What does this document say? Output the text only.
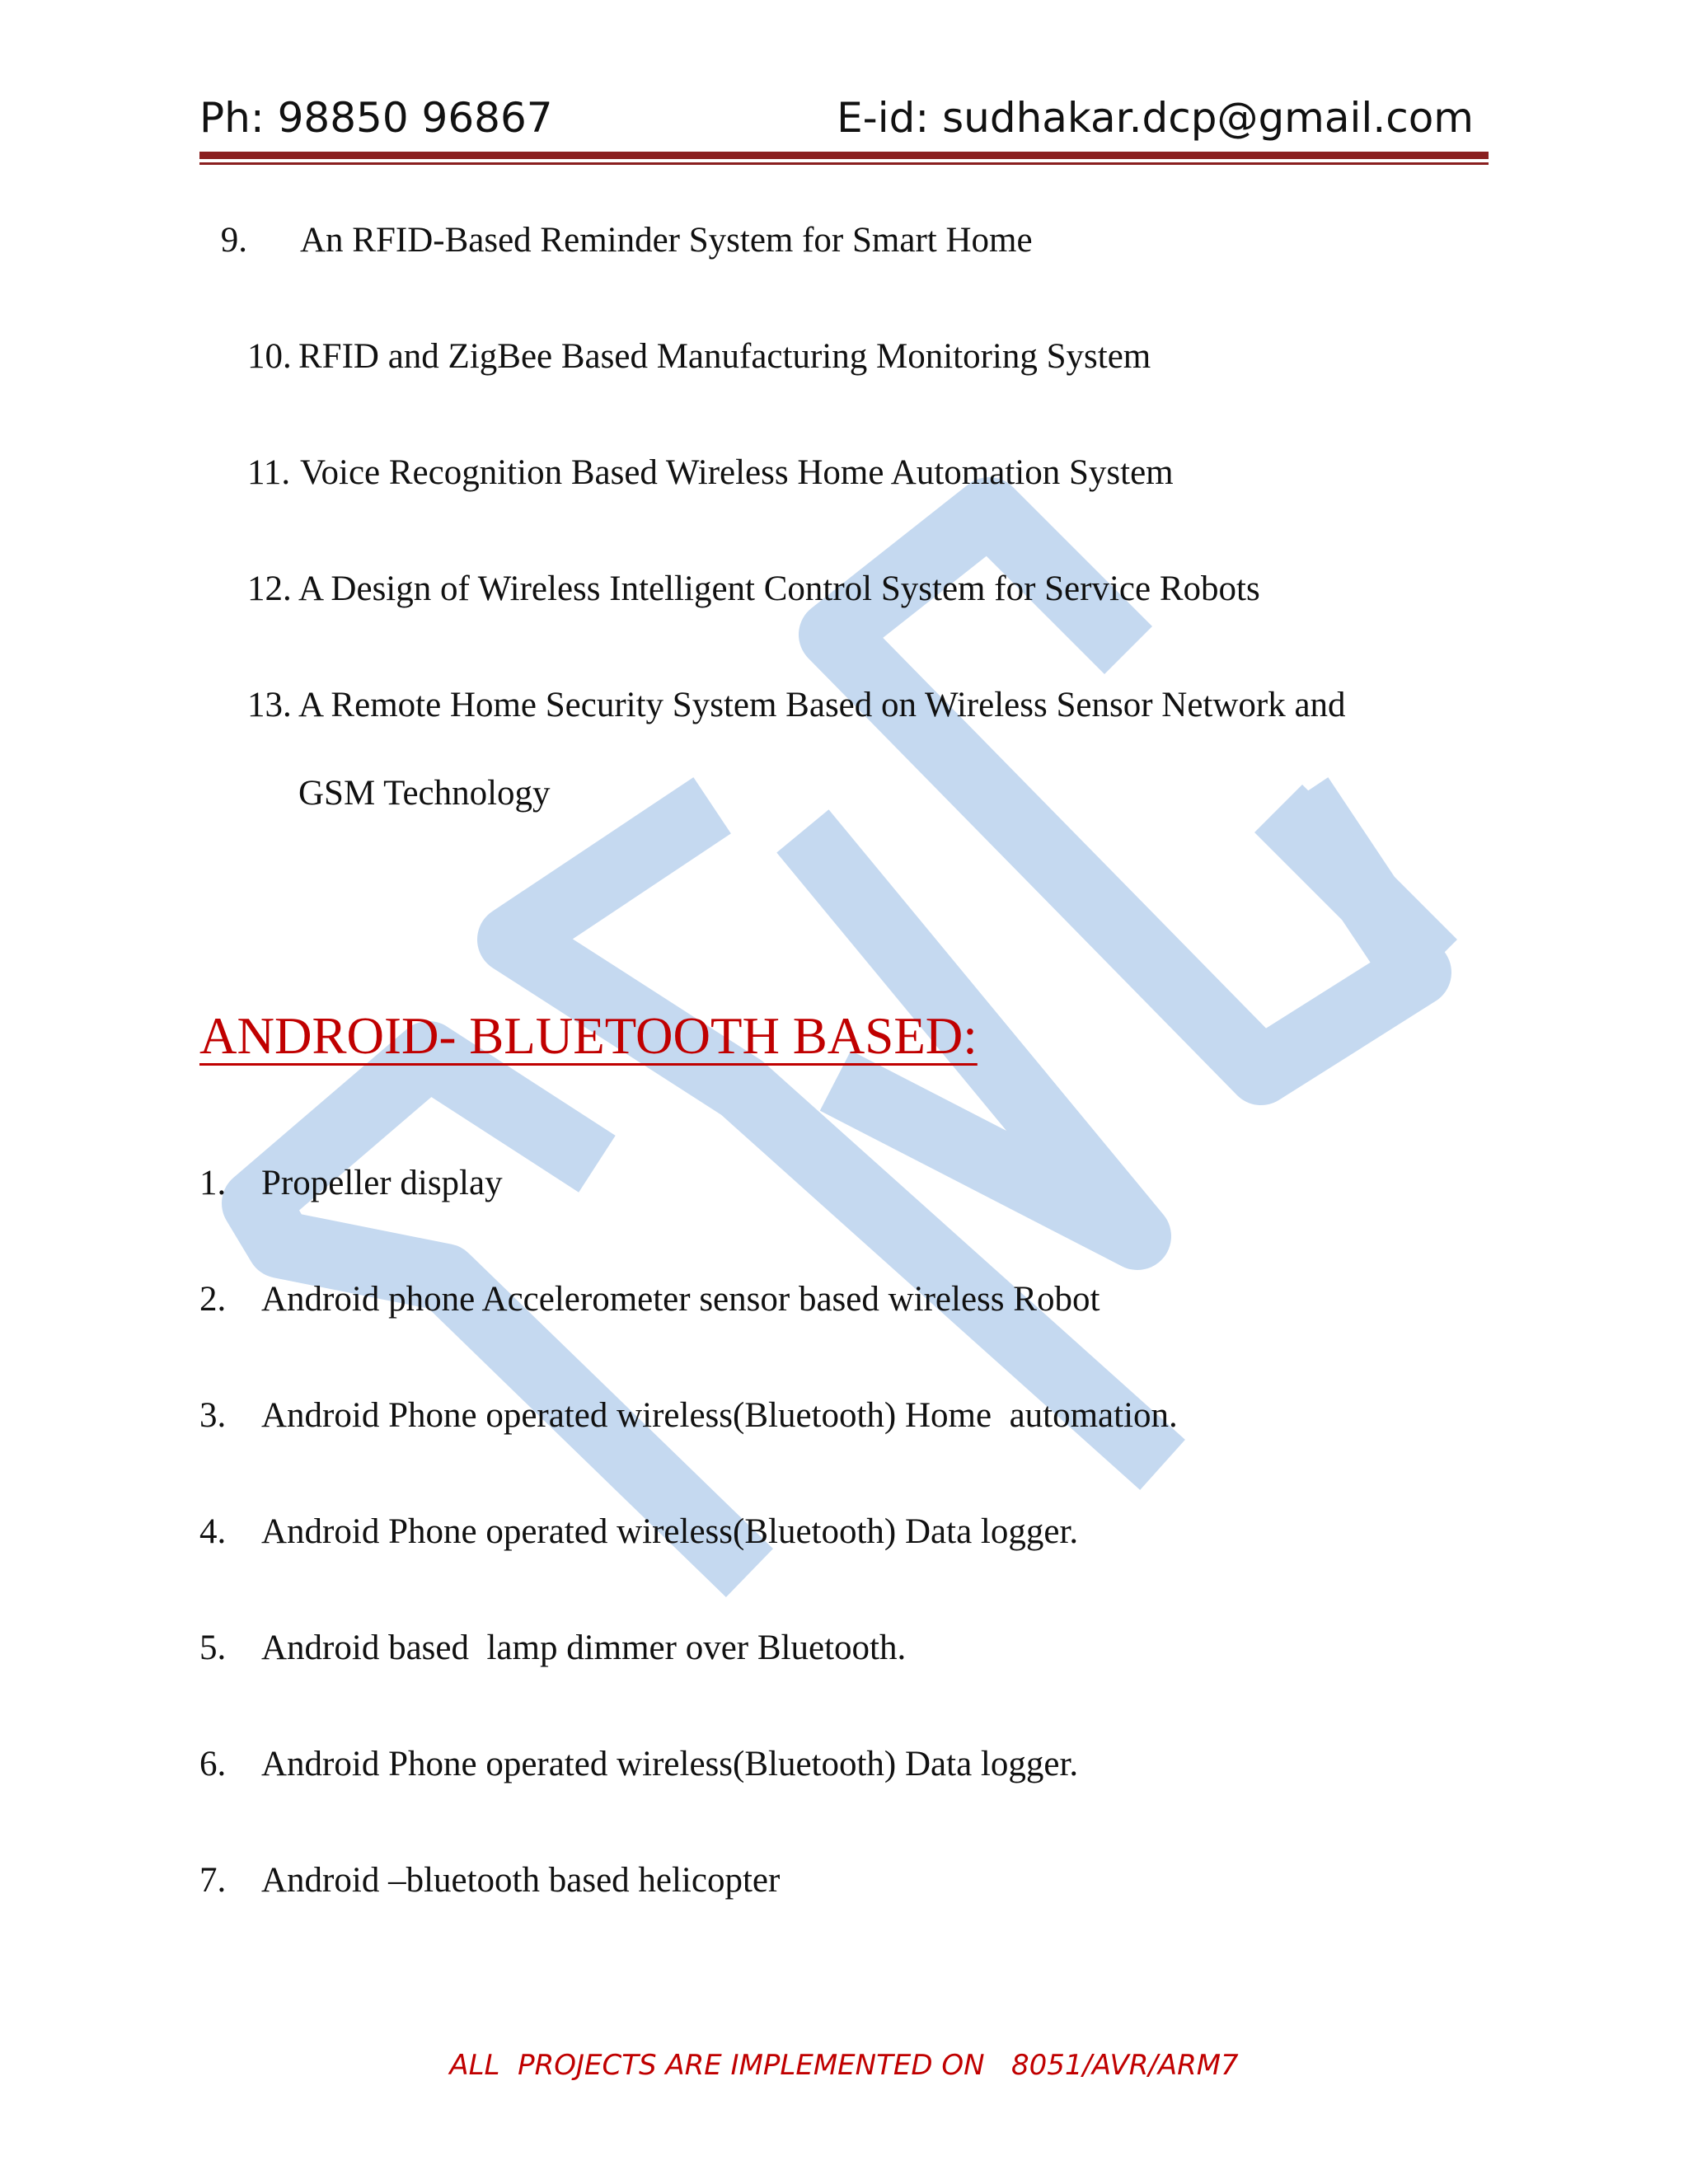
Ph: 98850 96867	E-id: sudhakar.dcp@gmail.com
9. An RFID-Based Reminder System for Smart Home
10. RFID and ZigBee Based Manufacturing Monitoring System
11. Voice Recognition Based Wireless Home Automation System
12. A Design of Wireless Intelligent Control System for Service Robots
13. A Remote Home Security System Based on Wireless Sensor Network and
GSM Technology
ANDROID- BLUETOOTH BASED:
1. Propeller display
2. Android phone Accelerometer sensor based wireless Robot
3. Android Phone operated wireless(Bluetooth) Home  automation.
4. Android Phone operated wireless(Bluetooth) Data logger.
5. Android based  lamp dimmer over Bluetooth.
6. Android Phone operated wireless(Bluetooth) Data logger.
7. Android –bluetooth based helicopter
ALL  PROJECTS ARE IMPLEMENTED ON   8051/AVR/ARM7
